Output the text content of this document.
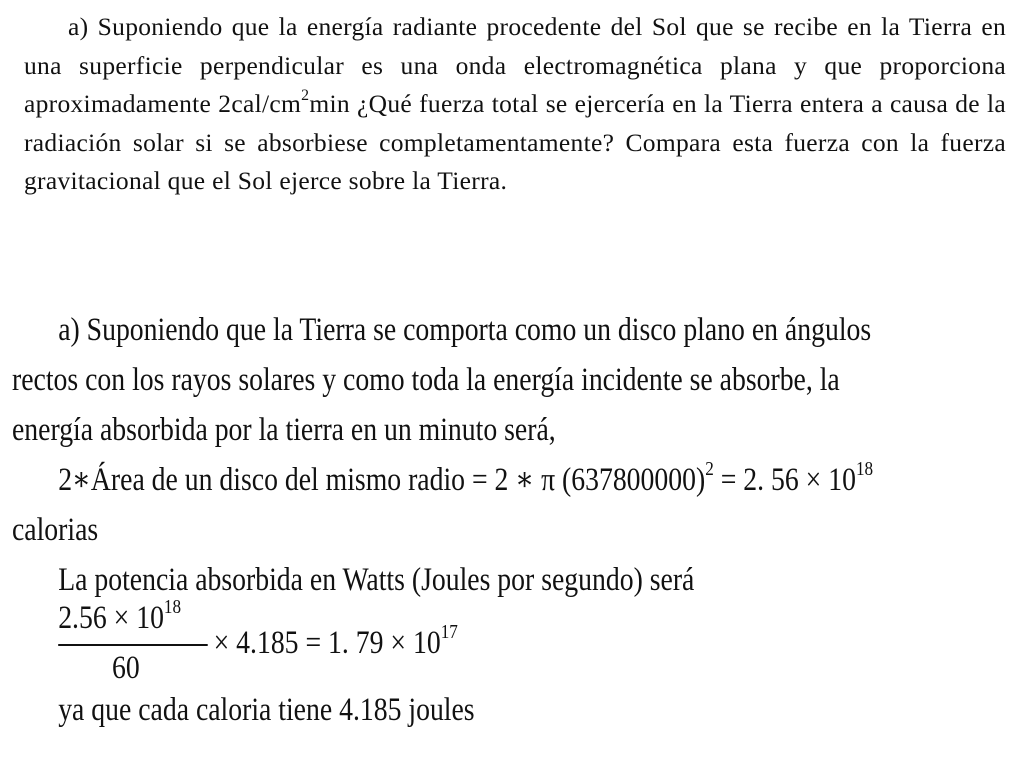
a) Suponiendo que la energía radiante procedente del Sol que se recibe en la Tierra en una superficie perpendicular es una onda electromagnética plana y que proporciona aproximadamente $2cal/cm^2\min$ ¿Qué fuerza total se ejercería en la Tierra entera a causa de la radiación solar si se absorbiese completamentamente? Compara esta fuerza con la fuerza gravitacional que el Sol ejerce sobre la Tierra.
a) Suponiendo que la Tierra se comporta como un disco plano en ángulos
rectos con los rayos solares y como toda la energía incidente se absorbe, la
energía absorbida por la tierra en un minuto será,
2∗Área de un disco del mismo radio = 2 ∗ π $(637800000)^2 = 2$. $56 \times 10^{18}$
calorias
La potencia absorbida en Watts (Joules por segundo) será
$2.56 \times 10^{18}$
60
× 4.185 = 1. $79 \times 10^{17}$
ya que cada caloria tiene 4.185 joules
